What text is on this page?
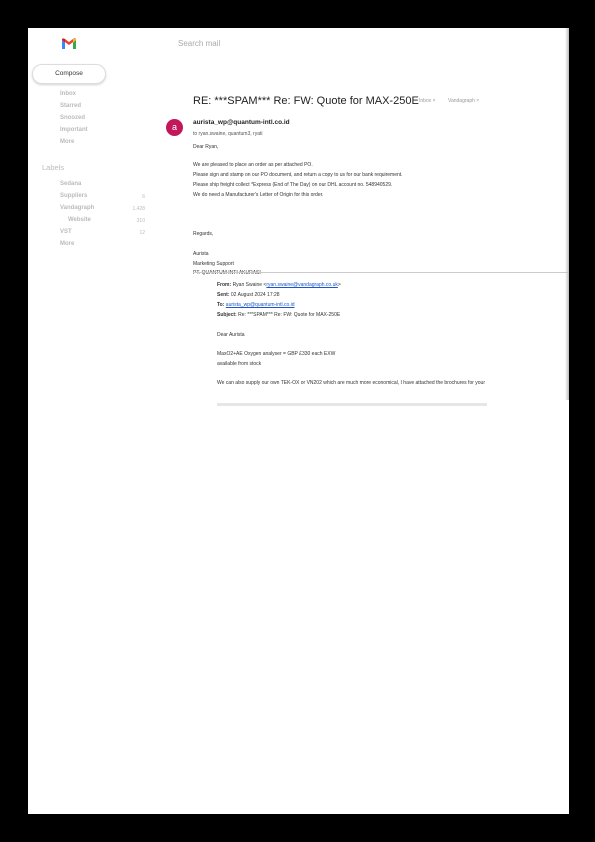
Search mail
Compose
Inbox
Starred
Snoozed
Important
More
Labels
Sedana
Suppliers	6
Vandagraph	1,428
Website	310
VST	12
More
RE: ***SPAM*** Re: FW: Quote for MAX-250E Inbox × Vandagraph ×
a	aurista_wp@quantum-intl.co.id
to ryan.swaine, quantum3, ryati
Dear Ryan,
We are pleased to place an order as per attached PO.
Please sign and stamp on our PO document, and return a copy to us for our bank requirement.
Please ship freight collect *Express (End of The Day) on our DHL account no. 548940529.
We do need a Manufacturer's Letter of Origin for this order.
Regards,
Aurista
Marketing Support
PT. QUANTUM INTI AKURASI
From: Ryan Swaine <ryan.swaine@vandagraph.co.uk>
Sent: 02 August 2024 17:28
To: aurista_wp@quantum-intl.co.id
Subject: Re: ***SPAM*** Re: FW: Quote for MAX-250E
Dear Aurista
MaxO2+AE Oxygen analyser = GBP £330 each EXW
available from stock
We can also supply our own TEK-OX or VN202 which are much more economical, I have attached the brochures for your
